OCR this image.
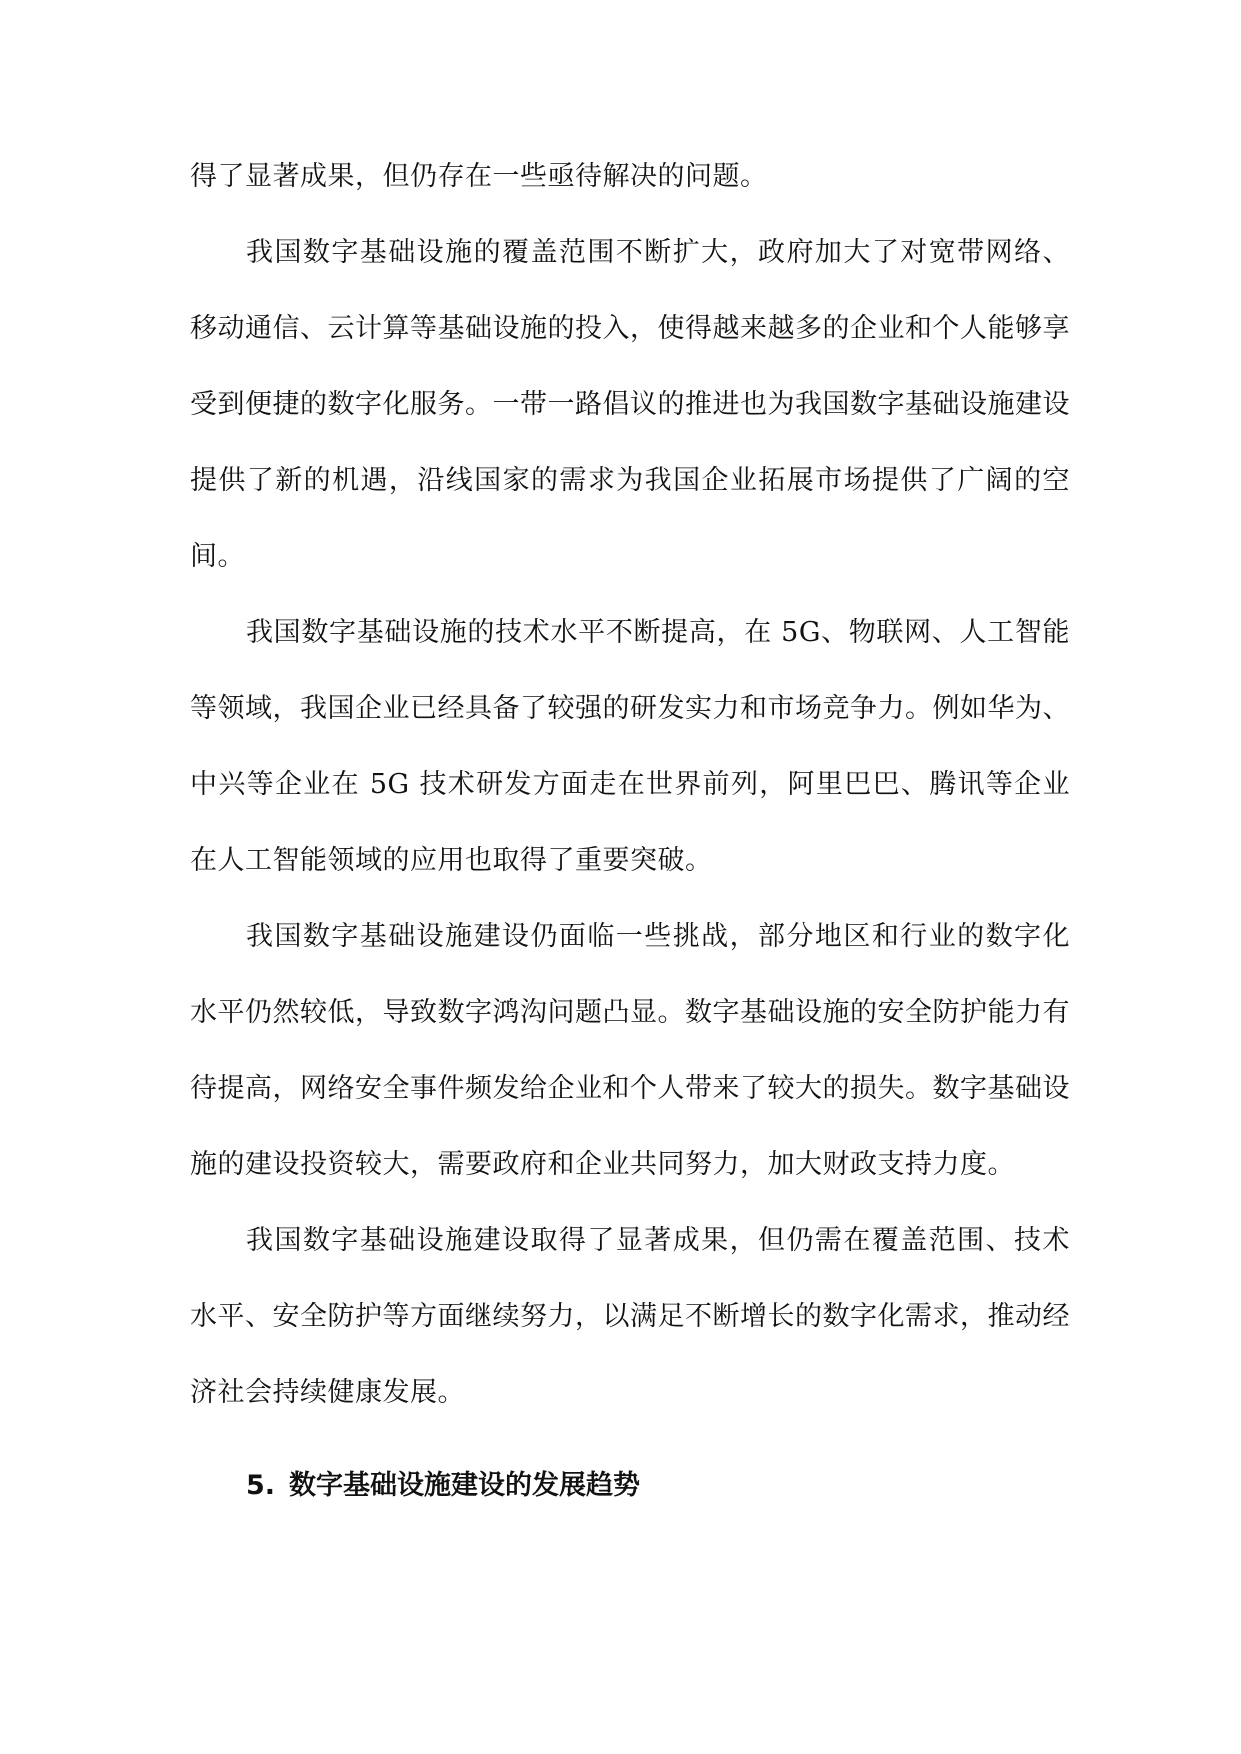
得了显著成果，但仍存在一些亟待解决的问题。

我国数字基础设施的覆盖范围不断扩大，政府加大了对宽带网络、移动通信、云计算等基础设施的投入，使得越来越多的企业和个人能够享受到便捷的数字化服务。一带一路倡议的推进也为我国数字基础设施建设提供了新的机遇，沿线国家的需求为我国企业拓展市场提供了广阔的空间。

我国数字基础设施的技术水平不断提高，在 5G、物联网、人工智能等领域，我国企业已经具备了较强的研发实力和市场竞争力。例如华为、中兴等企业在 5G 技术研发方面走在世界前列，阿里巴巴、腾讯等企业在人工智能领域的应用也取得了重要突破。

我国数字基础设施建设仍面临一些挑战，部分地区和行业的数字化水平仍然较低，导致数字鸿沟问题凸显。数字基础设施的安全防护能力有待提高，网络安全事件频发给企业和个人带来了较大的损失。数字基础设施的建设投资较大，需要政府和企业共同努力，加大财政支持力度。

我国数字基础设施建设取得了显著成果，但仍需在覆盖范围、技术水平、安全防护等方面继续努力，以满足不断增长的数字化需求，推动经济社会持续健康发展。

5. 数字基础设施建设的发展趋势
